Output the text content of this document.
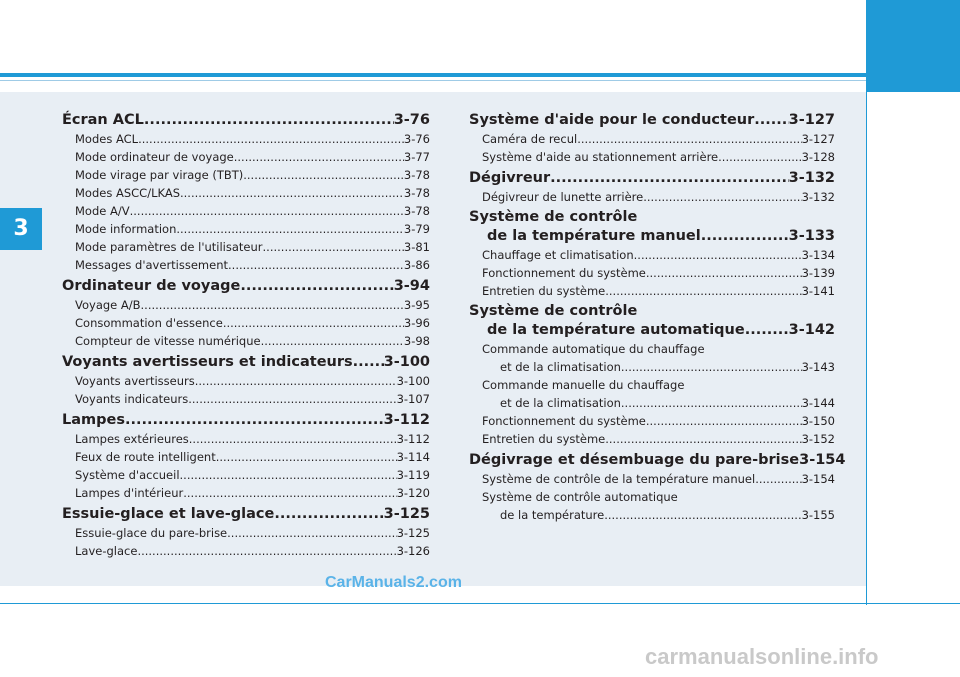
3
Écran ACL .....	3-76
Modes ACL .....	3-76
Mode ordinateur de voyage .....	3-77
Mode virage par virage (TBT) .....	3-78
Modes ASCC/LKAS .....	3-78
Mode A/V .....	3-78
Mode information .....	3-79
Mode paramètres de l'utilisateur .....	3-81
Messages d'avertissement .....	3-86
Ordinateur de voyage .....	3-94
Voyage A/B .....	3-95
Consommation d'essence .....	3-96
Compteur de vitesse numérique .....	3-98
Voyants avertisseurs et indicateurs ..... 3-100
Voyants avertisseurs .....	3-100
Voyants indicateurs .....	3-107
Lampes .....	3-112
Lampes extérieures .....	3-112
Feux de route intelligent .....	3-114
Système d'accueil .....	3-119
Lampes d'intérieur .....	3-120
Essuie-glace et lave-glace .....	3-125
Essuie-glace du pare-brise .....	3-125
Lave-glace .....	3-126
Système d'aide pour le conducteur ..... 3-127
Caméra de recul .....	3-127
Système d'aide au stationnement arrière .....	3-128
Dégivreur .....	3-132
Dégivreur de lunette arrière .....	3-132
Système de contrôle
de la température manuel .....	3-133
Chauffage et climatisation .....	3-134
Fonctionnement du système .....	3-139
Entretien du système .....	3-141
Système de contrôle
de la température automatique .....	3-142
Commande automatique du chauffage
et de la climatisation .....	3-143
Commande manuelle du chauffage
et de la climatisation .....	3-144
Fonctionnement du système .....	3-150
Entretien du système .....	3-152
Dégivrage et désembuage du pare-brise 3-154
Système de contrôle de la température manuel .....	3-154
Système de contrôle automatique
de la température .....	3-155
CarManuals2.com
carmanualsonline.info
